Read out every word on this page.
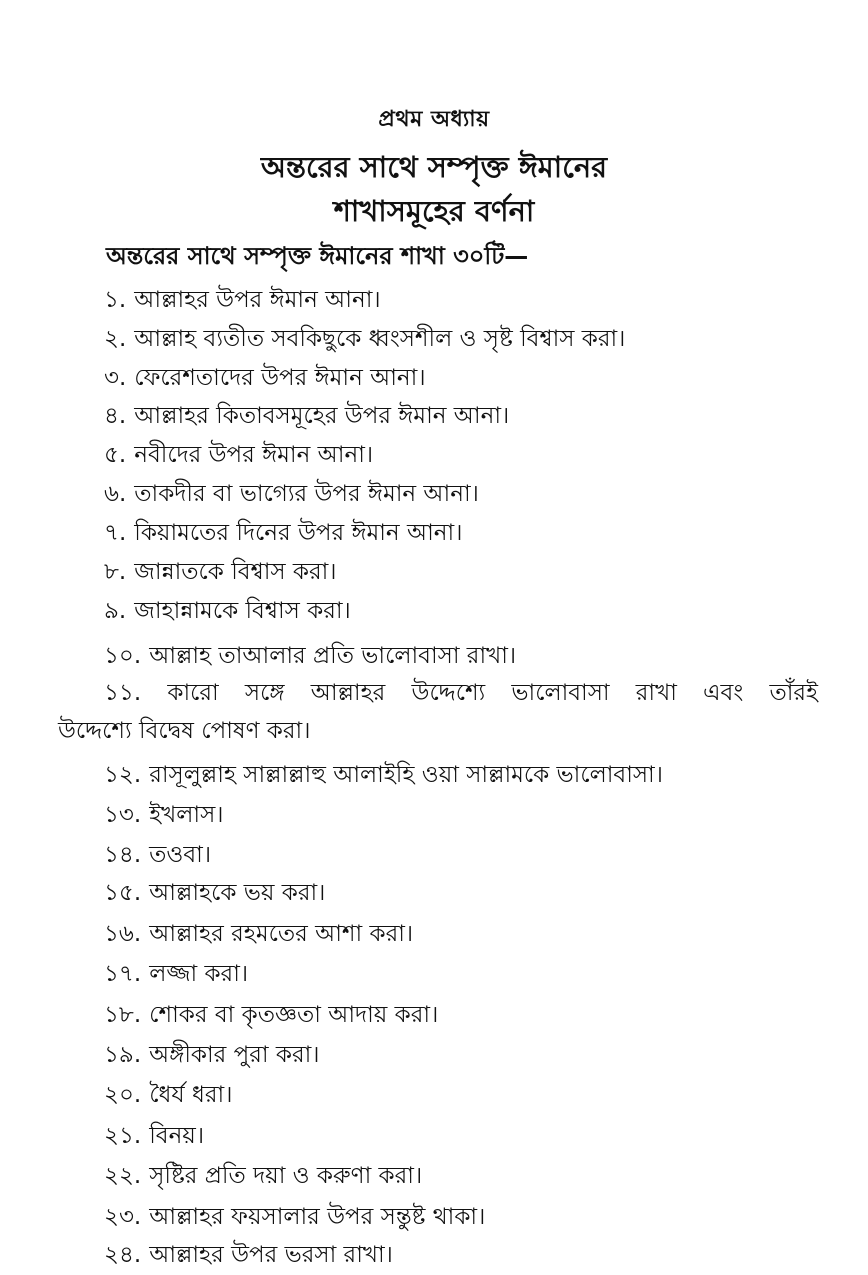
প্রথম অধ্যায়
অন্তরের সাথে সম্পৃক্ত ঈমানের
শাখাসমূহের বর্ণনা
অন্তরের সাথে সম্পৃক্ত ঈমানের শাখা ৩০টি—
১. আল্লাহর উপর ঈমান আনা।
২. আল্লাহ ব্যতীত সবকিছুকে ধ্বংসশীল ও সৃষ্ট বিশ্বাস করা।
৩. ফেরেশতাদের উপর ঈমান আনা।
৪. আল্লাহর কিতাবসমূহের উপর ঈমান আনা।
৫. নবীদের উপর ঈমান আনা।
৬. তাকদীর বা ভাগ্যের উপর ঈমান আনা।
৭. কিয়ামতের দিনের উপর ঈমান আনা।
৮. জান্নাতকে বিশ্বাস করা।
৯. জাহান্নামকে বিশ্বাস করা।
১০. আল্লাহ তাআলার প্রতি ভালোবাসা রাখা।
১১. কারো সঙ্গে আল্লাহর উদ্দেশ্যে ভালোবাসা রাখা এবং তাঁরই
উদ্দেশ্যে বিদ্বেষ পোষণ করা।
১২. রাসূলুল্লাহ সাল্লাল্লাহু আলাইহি ওয়া সাল্লামকে ভালোবাসা।
১৩. ইখলাস।
১৪. তওবা।
১৫. আল্লাহকে ভয় করা।
১৬. আল্লাহর রহমতের আশা করা।
১৭. লজ্জা করা।
১৮. শোকর বা কৃতজ্ঞতা আদায় করা।
১৯. অঙ্গীকার পুরা করা।
২০. ধৈর্য ধরা।
২১. বিনয়।
২২. সৃষ্টির প্রতি দয়া ও করুণা করা।
২৩. আল্লাহর ফয়সালার উপর সন্তুষ্ট থাকা।
২৪. আল্লাহর উপর ভরসা রাখা।
